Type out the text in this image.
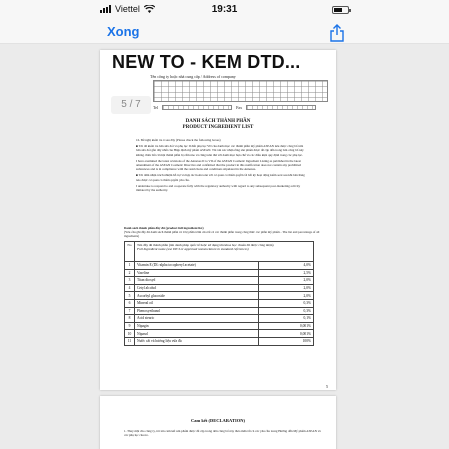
Viettel	19:31
Xong
Tên công ty hoặc nhà cung cấp / Address of company
Tel	Fax
DANH SÁCH THÀNH PHẦN
PRODUCT INGREDIENT LIST

16. Đề nghị kiểm tra ô sau đây (Please check the following boxes)

■ Tôi đã kiểm tra bản sửa đổi và phụ lục II đến phụ lục VII của danh mục các thành phần mỹ phẩm ASEAN nêu được công bố trên bản sửa đổi gần đây nhất của Hiệp định mỹ phẩm ASEAN. Tôi xin xác nhận rằng sản phẩm được đề cập đến trong bản công bố này không chứa bất cứ một thành phần bị cấm nào và cũng tuân thủ với danh mục hạn chế và các điều kiện quy định trong các phụ lục.

I have examined the latest revisions of the Annexes II to VII of the ASEAN Cosmetic Ingredient Listing as published in the latest amendment of the ASEAN Cosmetic Directive and confirmed that the product in this notification does not contain any prohibited substances and is in compliance with the restrictions and conditions stipulated in the Annexes.

■ Tôi đảm nhận trách nhiệm hỗ trợ và hợp tác hoàn toàn với cơ quan có thẩm quyền về bất kỳ hoạt động kiểm soát sau khi bán hàng nào được cơ quan có thẩm quyền yêu cầu.

I undertake to respond to and cooperate fully with the regulatory authority with regard to any subsequent post-marketing activity initiated by the authority.

Danh sách thành phần đầy đủ (product full ingredient list)
(Yêu cầu ghi đầy đủ danh sách thành phần và tỉ lệ phần trăm của tất cả các thành phần trong công thức các phần mỹ phẩm - The list and percentage of all ingredients)
No	Tên đầy đủ thành phần (tên danh pháp quốc tế hoặc sử dụng tên khoa học chuẩn đã được công nhận)
Full Ingredient name (use INCI or approved nomenclature in standard references)	
1	Vitamin E (DL-alpha tocopheryl acetate)	4,0%
2	Vaseline	2,5%
3	Titan dioxyd	2,0%
4	Cetyl alcohol	2,0%
5	Ascorbyl glucoside	2,0%
6	Mineral oil	0,3%
7	Phenoxyethanol	0,3%
8	Acid stearic	0,1%
9	Nipagin	0,001%
10	Nipasol	0,001%
11	Nước cất và hương liệu vừa đủ	100%
5
Cam kết (DECLARATION)
1. Thay mặt cho công ty, tôi xin cam kết sản phẩm được đề cập trong đơn công bố này thỏa mãn tất cả các yêu cầu trong Hướng dẫn Mỹ phẩm ASEAN và các phụ lục của nó.
NEW TO - KEM DTD...
5 / 7
